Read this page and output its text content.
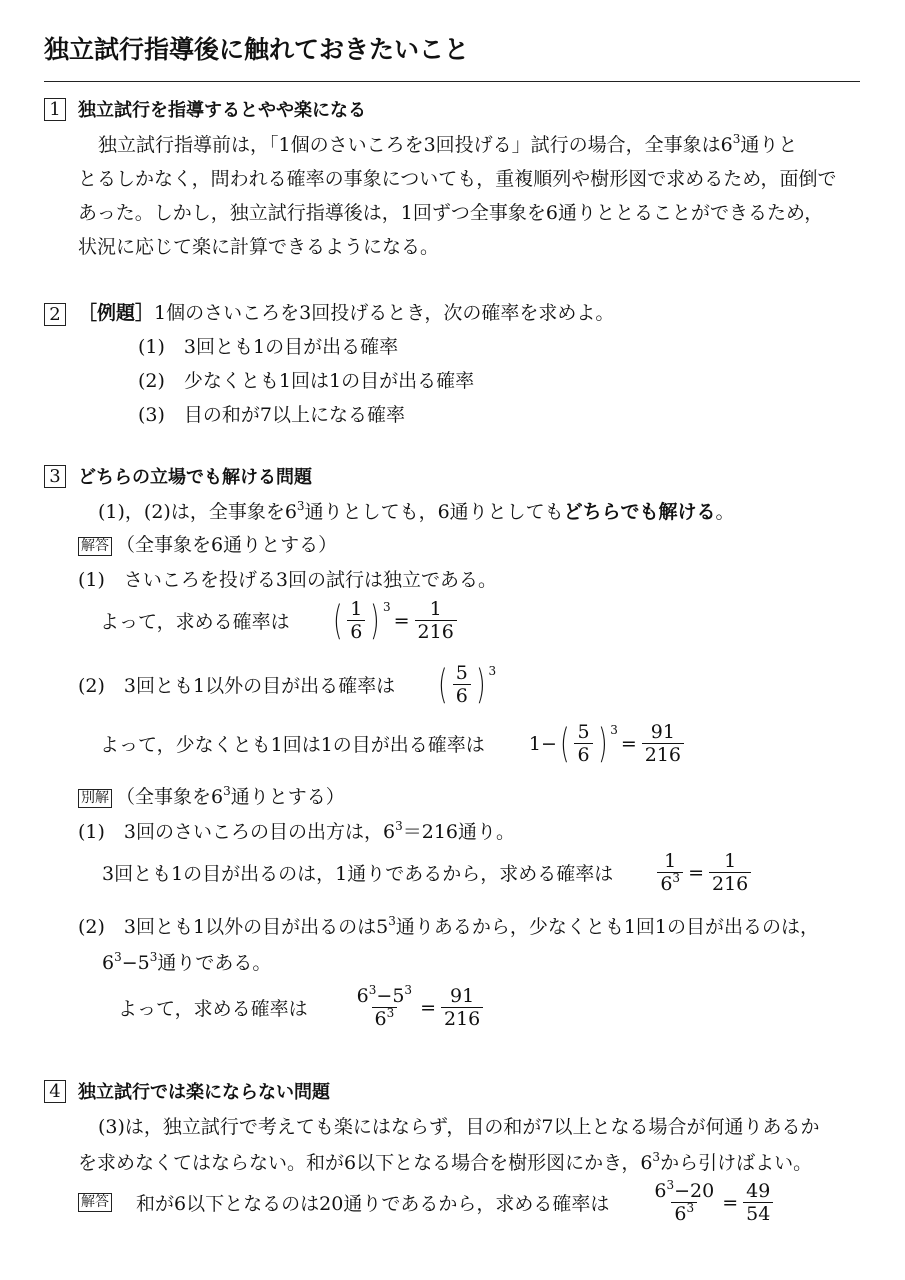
独立試行指導後に触れておきたいこと
1 独立試行を指導するとやや楽になる
独立試行指導前は，「1個のさいころを3回投げる」試行の場合，全事象は$6^3$通りと
とるしかなく，問われる確率の事象についても，重複順列や樹形図で求めるため，面倒で
あった。しかし，独立試行指導後は，1回ずつ全事象を6通りととることができるため，
状況に応じて楽に計算できるようになる。
2 ［例題］1個のさいころを3回投げるとき，次の確率を求めよ。
(1)　3回とも1の目が出る確率
(2)　少なくとも1回は1の目が出る確率
(3)　目の和が7以上になる確率
3 どちらの立場でも解ける問題
(1)，(2)は，全事象を$6^3$通りとしても，6通りとしてもどちらでも解ける。
解答 （全事象を6通りとする）
(1)　さいころを投げる3回の試行は独立である。
よって，求める確率は ( $\frac{1}{6}$ ) 3
= $\frac{1}{216}$
(2)　3回とも1以外の目が出る確率は ( $\frac{5}{6}$ ) 3
よって，少なくとも1回は1の目が出る確率は 1− ( $\frac{5}{6}$ ) 3
= $\frac{91}{216}$
別解 （全事象を$6^3$通りとする）
(1)　3回のさいころの目の出方は，$6^3=216$通り。
3回とも1の目が出るのは，1通りであるから，求める確率は $\frac{1}{6^3} = \frac{1}{216}$
(2)　3回とも1以外の目が出るのは$5^3$通りあるから，少なくとも1回1の目が出るのは，
$6^3-5^3$通りである。
よって，求める確率は $\frac{6^3-5^3}{6^3} = \frac{91}{216}$
4 独立試行では楽にならない問題
(3)は，独立試行で考えても楽にはならず，目の和が7以上となる場合が何通りあるか
を求めなくてはならない。和が6以下となる場合を樹形図にかき，$6^3$から引けばよい。
解答 和が6以下となるのは20通りであるから，求める確率は $\frac{6^3-20}{6^3} = \frac{49}{54}$
